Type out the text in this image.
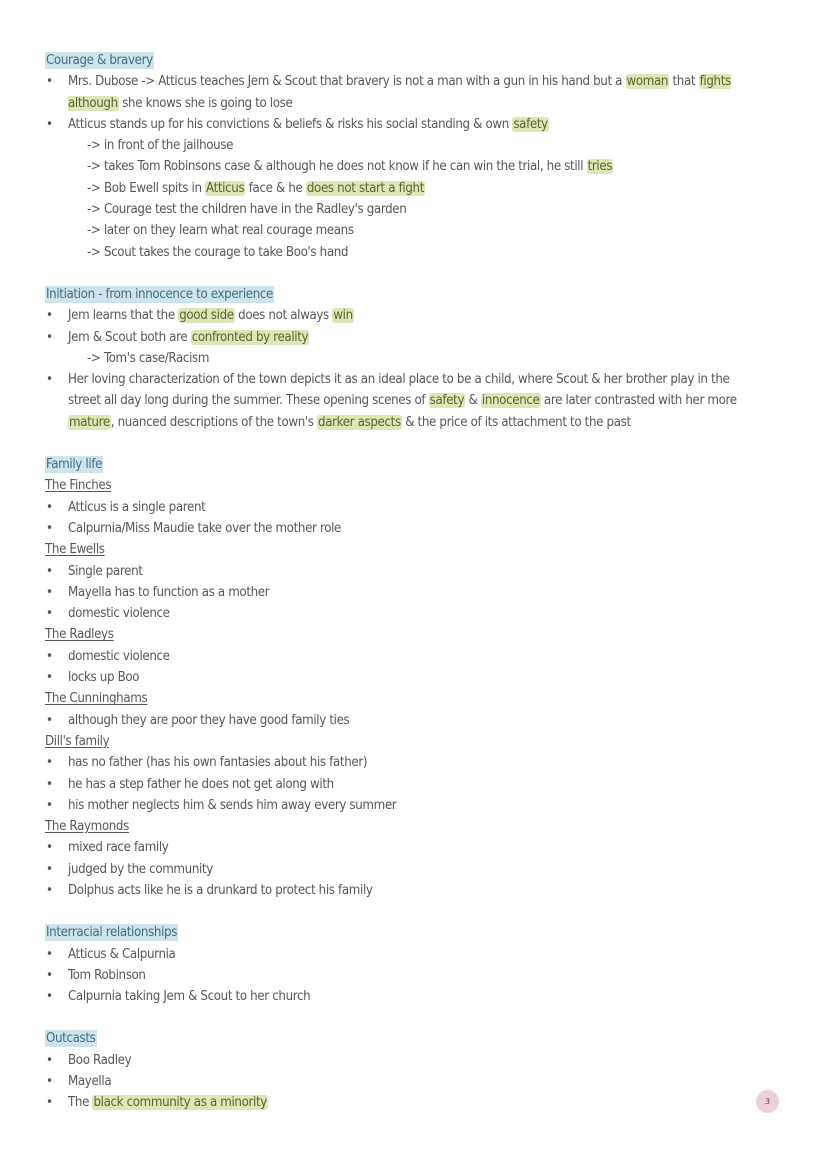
Courage & bravery
• Mrs. Dubose -> Atticus teaches Jem & Scout that bravery is not a man with a gun in his hand but a woman that fights although she knows she is going to lose
• Atticus stands up for his convictions & beliefs & risks his social standing & own safety
-> in front of the jailhouse
-> takes Tom Robinsons case & although he does not know if he can win the trial, he still tries
-> Bob Ewell spits in Atticus face & he does not start a fight
-> Courage test the children have in the Radley's garden
-> later on they learn what real courage means
-> Scout takes the courage to take Boo's hand
Initiation - from innocence to experience
• Jem learns that the good side does not always win
• Jem & Scout both are confronted by reality
-> Tom's case/Racism
• Her loving characterization of the town depicts it as an ideal place to be a child, where Scout & her brother play in the street all day long during the summer. These opening scenes of safety & innocence are later contrasted with her more mature, nuanced descriptions of the town's darker aspects & the price of its attachment to the past
Family life
The Finches
• Atticus is a single parent
• Calpurnia/Miss Maudie take over the mother role
The Ewells
• Single parent
• Mayella has to function as a mother
• domestic violence
The Radleys
• domestic violence
• locks up Boo
The Cunninghams
• although they are poor they have good family ties
Dill's family
• has no father (has his own fantasies about his father)
• he has a step father he does not get along with
• his mother neglects him & sends him away every summer
The Raymonds
• mixed race family
• judged by the community
• Dolphus acts like he is a drunkard to protect his family
Interracial relationships
• Atticus & Calpurnia
• Tom Robinson
• Calpurnia taking Jem & Scout to her church
Outcasts
• Boo Radley
• Mayella
• The black community as a minority	3
